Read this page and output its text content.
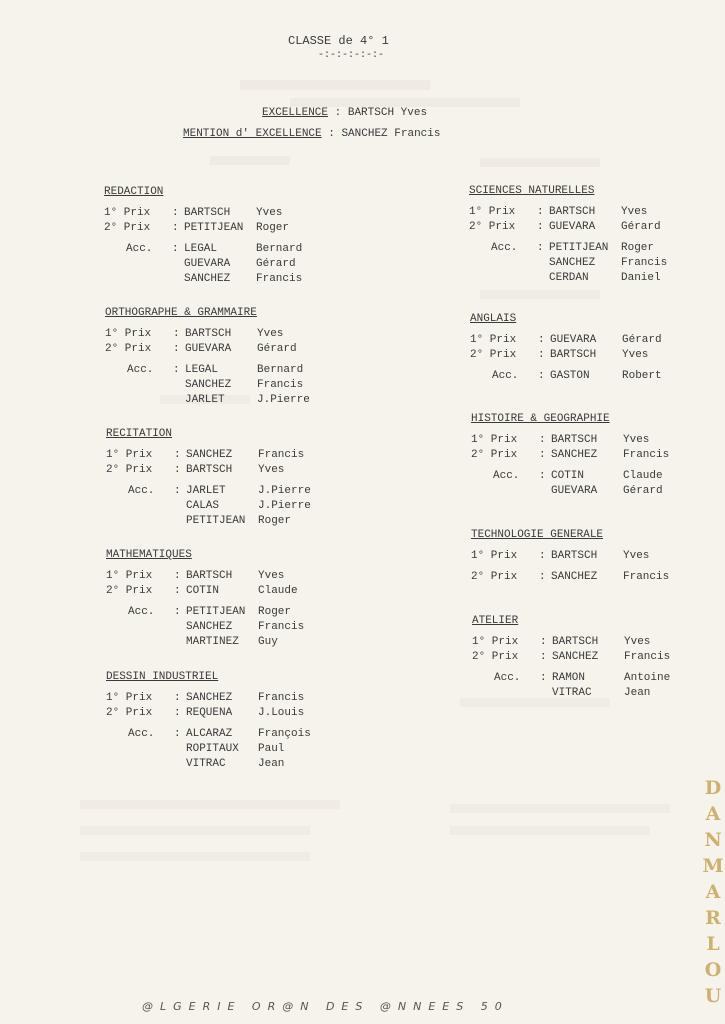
CLASSE de 4° 1
-:-:-:-:-:-
EXCELLENCE : BARTSCH Yves
MENTION d' EXCELLENCE : SANCHEZ Francis
REDACTION
1° Prix	: BARTSCH	Yves
2° Prix	: PETITJEAN	Roger
Acc.	: LEGAL	Bernard
GUEVARA	Gérard
SANCHEZ	Francis
ORTHOGRAPHE & GRAMMAIRE
1° Prix	: BARTSCH	Yves
2° Prix	: GUEVARA	Gérard
Acc.	: LEGAL	Bernard
SANCHEZ	Francis
JARLET	J.Pierre
RECITATION
1° Prix	: SANCHEZ	Francis
2° Prix	: BARTSCH	Yves
Acc.	: JARLET	J.Pierre
CALAS	J.Pierre
PETITJEAN	Roger
MATHEMATIQUES
1° Prix	: BARTSCH	Yves
2° Prix	: COTIN	Claude
Acc.	: PETITJEAN	Roger
SANCHEZ	Francis
MARTINEZ	Guy
DESSIN INDUSTRIEL
1° Prix	: SANCHEZ	Francis
2° Prix	: REQUENA	J.Louis
Acc.	: ALCARAZ	François
ROPITAUX	Paul
VITRAC	Jean
SCIENCES NATURELLES
1° Prix	: BARTSCH	Yves
2° Prix	: GUEVARA	Gérard
Acc.	: PETITJEAN	Roger
SANCHEZ	Francis
CERDAN	Daniel
ANGLAIS
1° Prix	: GUEVARA	Gérard
2° Prix	: BARTSCH	Yves
Acc.	: GASTON	Robert
HISTOIRE & GEOGRAPHIE
1° Prix	: BARTSCH	Yves
2° Prix	: SANCHEZ	Francis
Acc.	: COTIN	Claude
GUEVARA	Gérard
TECHNOLOGIE GENERALE
1° Prix	: BARTSCH	Yves
2° Prix	: SANCHEZ	Francis
ATELIER
1° Prix	: BARTSCH	Yves
2° Prix	: SANCHEZ	Francis
Acc.	: RAMON	Antoine
VITRAC	Jean
@LGERIE OR@N DES @NNEES 50
D
A
N
M
A
R
L
O
U
